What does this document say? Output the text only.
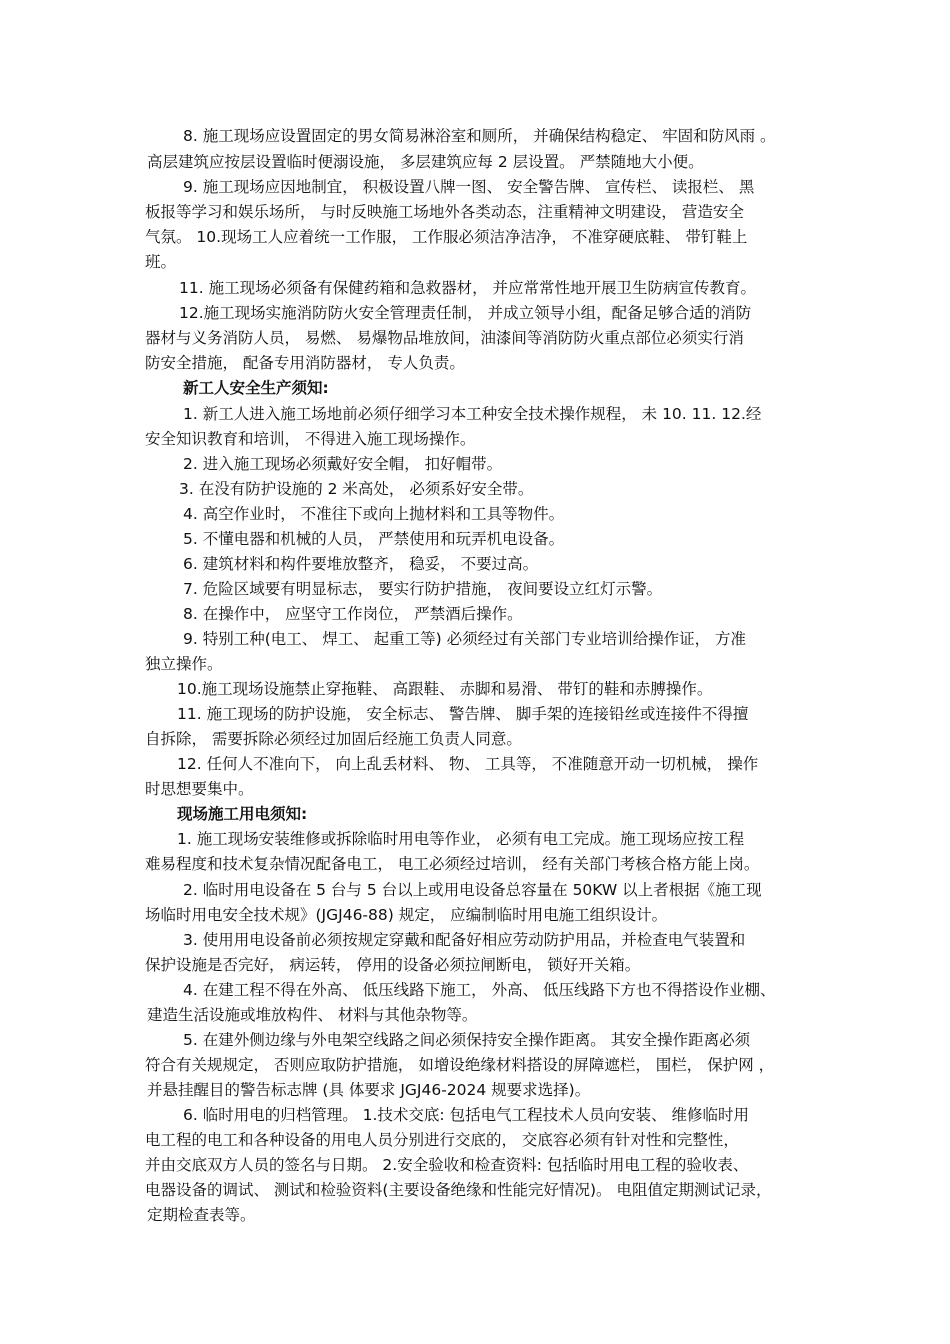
8. 施工现场应设置固定的男女简易淋浴室和厕所， 并确保结构稳定、 牢固和防风雨 。

高层建筑应按层设置临时便溺设施， 多层建筑应每 2 层设置。 严禁随地大小便。

9. 施工现场应因地制宜， 积极设置八牌一图、 安全警告牌、 宣传栏、 读报栏、 黑

板报等学习和娱乐场所， 与时反映施工场地外各类动态，注重精神文明建设， 营造安全

气氛。 10.现场工人应着统一工作服， 工作服必须洁净洁净， 不准穿硬底鞋、 带钉鞋上

班。

11. 施工现场必须备有保健药箱和急救器材， 并应常常性地开展卫生防病宣传教育。

12.施工现场实施消防防火安全管理责任制， 并成立领导小组，配备足够合适的消防

器材与义务消防人员， 易燃、 易爆物品堆放间，油漆间等消防防火重点部位必须实行消

防安全措施， 配备专用消防器材， 专人负责。

新工人安全生产须知:

1. 新工人进入施工场地前必须仔细学习本工种安全技术操作规程， 未 10. 11. 12.经

安全知识教育和培训， 不得进入施工现场操作。

2. 进入施工现场必须戴好安全帽， 扣好帽带。

3. 在没有防护设施的 2 米高处， 必须系好安全带。

4. 高空作业时， 不准往下或向上抛材料和工具等物件。

5. 不懂电器和机械的人员， 严禁使用和玩弄机电设备。

6. 建筑材料和构件要堆放整齐， 稳妥， 不要过高。

7. 危险区域要有明显标志， 要实行防护措施， 夜间要设立红灯示警。

8. 在操作中， 应坚守工作岗位， 严禁酒后操作。

9. 特别工种(电工、 焊工、 起重工等) 必须经过有关部门专业培训给操作证， 方准

独立操作。

10.施工现场设施禁止穿拖鞋、 高跟鞋、 赤脚和易滑、 带钉的鞋和赤膊操作。

11. 施工现场的防护设施， 安全标志、 警告牌、 脚手架的连接铅丝或连接件不得擅

自拆除， 需要拆除必须经过加固后经施工负责人同意。

12. 任何人不准向下， 向上乱丢材料、 物、 工具等， 不准随意开动一切机械， 操作

时思想要集中。

现场施工用电须知:

1. 施工现场安装维修或拆除临时用电等作业， 必须有电工完成。施工现场应按工程

难易程度和技术复杂情况配备电工， 电工必须经过培训， 经有关部门考核合格方能上岗。

2. 临时用电设备在 5 台与 5 台以上或用电设备总容量在 50KW 以上者根据《施工现

场临时用电安全技术规》(JGJ46-88) 规定， 应编制临时用电施工组织设计。

3. 使用用电设备前必须按规定穿戴和配备好相应劳动防护用品，并检查电气装置和

保护设施是否完好， 病运转， 停用的设备必须拉闸断电， 锁好开关箱。

4. 在建工程不得在外高、 低压线路下施工， 外高、 低压线路下方也不得搭设作业棚、

建造生活设施或堆放构件、 材料与其他杂物等。

5. 在建外侧边缘与外电架空线路之间必须保持安全操作距离。 其安全操作距离必须

符合有关规规定， 否则应取防护措施， 如增设绝缘材料搭设的屏障遮栏， 围栏， 保护网 ，

并悬挂醒目的警告标志牌 (具 体要求 JGJ46-2024 规要求选择)。

6. 临时用电的归档管理。 1.技术交底: 包括电气工程技术人员向安装、 维修临时用

电工程的电工和各种设备的用电人员分别进行交底的， 交底容必须有针对性和完整性，

并由交底双方人员的签名与日期。 2.安全验收和检查资料: 包括临时用电工程的验收表、

电器设备的调试、 测试和检验资料(主要设备绝缘和性能完好情况)。 电阻值定期测试记录，

定期检查表等。
